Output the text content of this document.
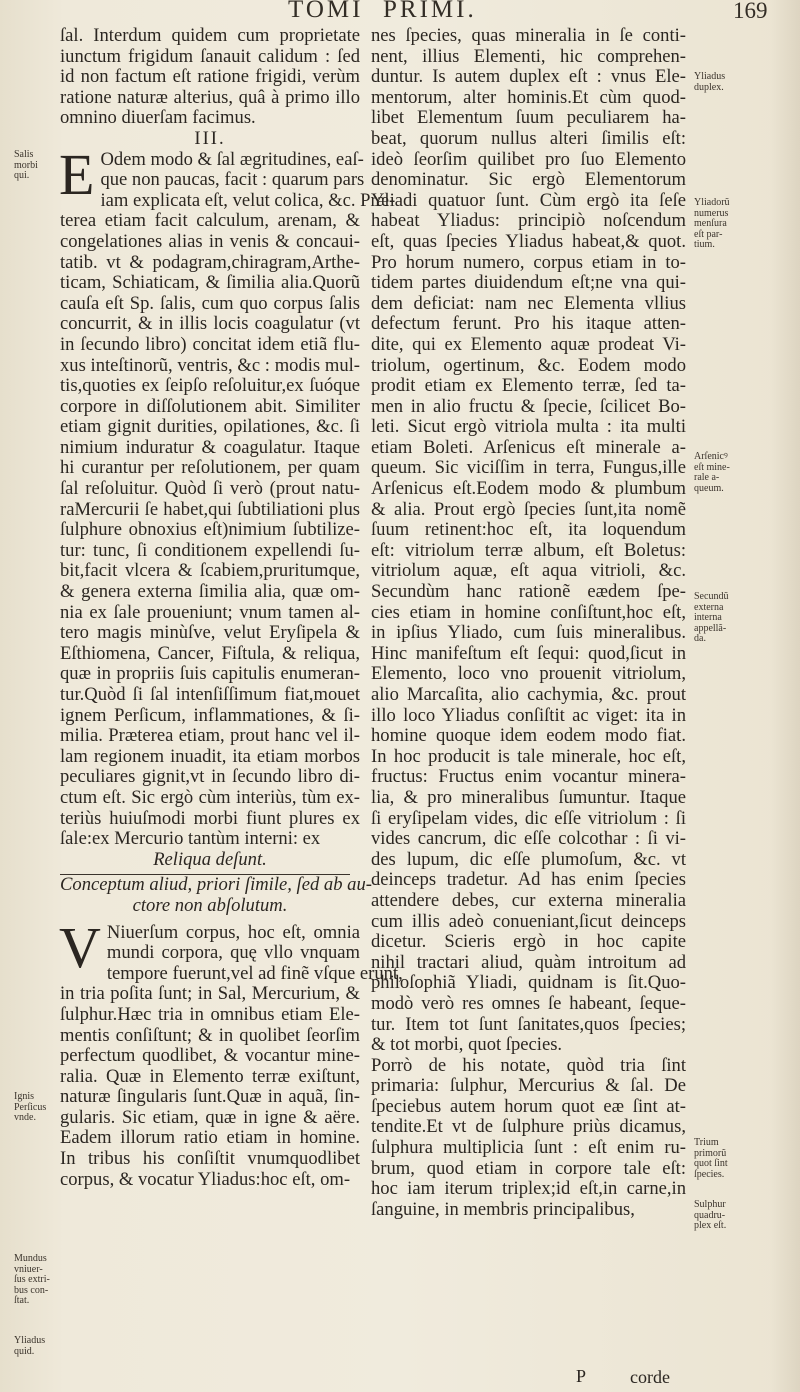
TOMI PRIMI.	169
ſal. Interdum quidem cum proprietate
iunctum frigidum ſanauit calidum : ſed
id non factum eſt ratione frigidi, verùm
ratione naturæ alterius, quâ à primo illo
omnino diuerſam facimus.
III.
E Odem modo & ſal ægritudines, eaſ-
que non paucas, facit : quarum pars
iam explicata eſt, velut colica, &c. Præ-
terea etiam facit calculum, arenam, &
congelationes alias in venis & concaui-
tatib. vt & podagram,chiragram,Arthe-
ticam, Schiaticam, & ſimilia alia.Quorũ
cauſa eſt Sp. ſalis, cum quo corpus ſalis
concurrit, & in illis locis coagulatur (vt
in ſecundo libro) concitat idem etiã flu-
xus inteſtinorũ, ventris, &c : modis mul-
tis,quoties ex ſeipſo reſoluitur,ex ſuóque
corpore in diſſolutionem abit. Similiter
etiam gignit durities, opilationes, &c. ſi
nimium induratur & coagulatur. Itaque
hi curantur per reſolutionem, per quam
ſal reſoluitur. Quòd ſi verò (prout natu-
raMercurii ſe habet,qui ſubtiliationi plus
ſulphure obnoxius eſt)nimium ſubtilize-
tur: tunc, ſi conditionem expellendi ſu-
bit,facit vlcera & ſcabiem,pruritumque,
& genera externa ſimilia alia, quæ om-
nia ex ſale proueniunt; vnum tamen al-
tero magis minùſve, velut Eryſipela &
Eſthiomena, Cancer, Fiſtula, & reliqua,
quæ in propriis ſuis capitulis enumeran-
tur.Quòd ſi ſal intenſiſſimum fiat,mouet
ignem Perſicum, inflammationes, & ſi-
milia. Præterea etiam, prout hanc vel il-
lam regionem inuadit, ita etiam morbos
peculiares gignit,vt in ſecundo libro di-
ctum eſt. Sic ergò cùm interiùs, tùm ex-
teriùs huiuſmodi morbi fiunt plures ex
ſale:ex Mercurio tantùm interni: ex
Reliqua deſunt.
Conceptum aliud, priori ſimile, ſed ab au-
ctore non abſolutum.
V Niuerſum corpus, hoc eſt, omnia
mundi corpora, quę vllo vnquam
tempore fuerunt,vel ad finẽ vſque erunt,
in tria poſita ſunt; in Sal, Mercurium, &
ſulphur.Hæc tria in omnibus etiam Ele-
mentis conſiſtunt; & in quolibet ſeorſim
perfectum quodlibet, & vocantur mine-
ralia. Quæ in Elemento terræ exiſtunt,
naturæ ſingularis ſunt.Quæ in aquã, ſin-
gularis. Sic etiam, quæ in igne & aëre.
Eadem illorum ratio etiam in homine.
In tribus his conſiſtit vnumquodlibet
corpus, & vocatur Yliadus:hoc eſt, om-
nes ſpecies, quas mineralia in ſe conti-
nent, illius Elementi, hic comprehen-
duntur. Is autem duplex eſt : vnus Ele-
mentorum, alter hominis.Et cùm quod-
libet Elementum ſuum peculiarem ha-
beat, quorum nullus alteri ſimilis eſt:
ideò ſeorſim quilibet pro ſuo Elemento
denominatur. Sic ergò Elementorum
Yliadi quatuor ſunt. Cùm ergò ita ſeſe
habeat Yliadus: principiò noſcendum
eſt, quas ſpecies Yliadus habeat,& quot.
Pro horum numero, corpus etiam in to-
tidem partes diuidendum eſt;ne vna qui-
dem deficiat: nam nec Elementa vllius
defectum ferunt. Pro his itaque atten-
dite, qui ex Elemento aquæ prodeat Vi-
triolum, ogertinum, &c. Eodem modo
prodit etiam ex Elemento terræ, ſed ta-
men in alio fructu & ſpecie, ſcilicet Bo-
leti. Sicut ergò vitriola multa : ita multi
etiam Boleti. Arſenicus eſt minerale a-
queum. Sic viciſſim in terra, Fungus,ille
Arſenicus eſt.Eodem modo & plumbum
& alia. Prout ergò ſpecies ſunt,ita nomẽ
ſuum retinent:hoc eſt, ita loquendum
eſt: vitriolum terræ album, eſt Boletus:
vitriolum aquæ, eſt aqua vitrioli, &c.
Secundùm hanc rationẽ eædem ſpe-
cies etiam in homine conſiſtunt,hoc eſt,
in ipſius Yliado, cum ſuis mineralibus.
Hinc manifeſtum eſt ſequi: quod,ſicut in
Elemento, loco vno prouenit vitriolum,
alio Marcaſita, alio cachymia, &c. prout
illo loco Yliadus conſiſtit ac viget: ita in
homine quoque idem eodem modo fiat.
In hoc producit is tale minerale, hoc eſt,
fructus: Fructus enim vocantur minera-
lia, & pro mineralibus ſumuntur. Itaque
ſi eryſipelam vides, dic eſſe vitriolum : ſi
vides cancrum, dic eſſe colcothar : ſi vi-
des lupum, dic eſſe plumoſum, &c. vt
deinceps tradetur. Ad has enim ſpecies
attendere debes, cur externa mineralia
cum illis adeò conueniant,ſicut deinceps
dicetur. Scieris ergò in hoc capite
nihil tractari aliud, quàm introitum ad
philoſophiã Yliadi, quidnam is ſit.Quo-
modò verò res omnes ſe habeant, ſeque-
tur. Item tot ſunt ſanitates,quos ſpecies;
& tot morbi, quot ſpecies.
Porrò de his notate, quòd tria ſint
primaria: ſulphur, Mercurius & ſal. De
ſpeciebus autem horum quot eæ ſint at-
tendite.Et vt de ſulphure priùs dicamus,
ſulphura multiplicia ſunt : eſt enim ru-
brum, quod etiam in corpore tale eſt:
hoc iam iterum triplex;id eſt,in carne,in
ſanguine, in membris principalibus,
Salis
morbi
qui.
Ignis
Perſicus
vnde.
Mundus
vniuer-
ſus extri-
bus con-
ſtat.
Yliadus
quid.
Yliadus
duplex.
Yliadorũ
numerus
menſura
eſt par-
tium.
Arſenicꝰ
eſt mine-
rale a-
queum.
Secundũ
externa
interna
appellã-
da.
Trium
primorũ
quot ſint
ſpecies.
Sulphur
quadru-
plex eſt.
P corde
